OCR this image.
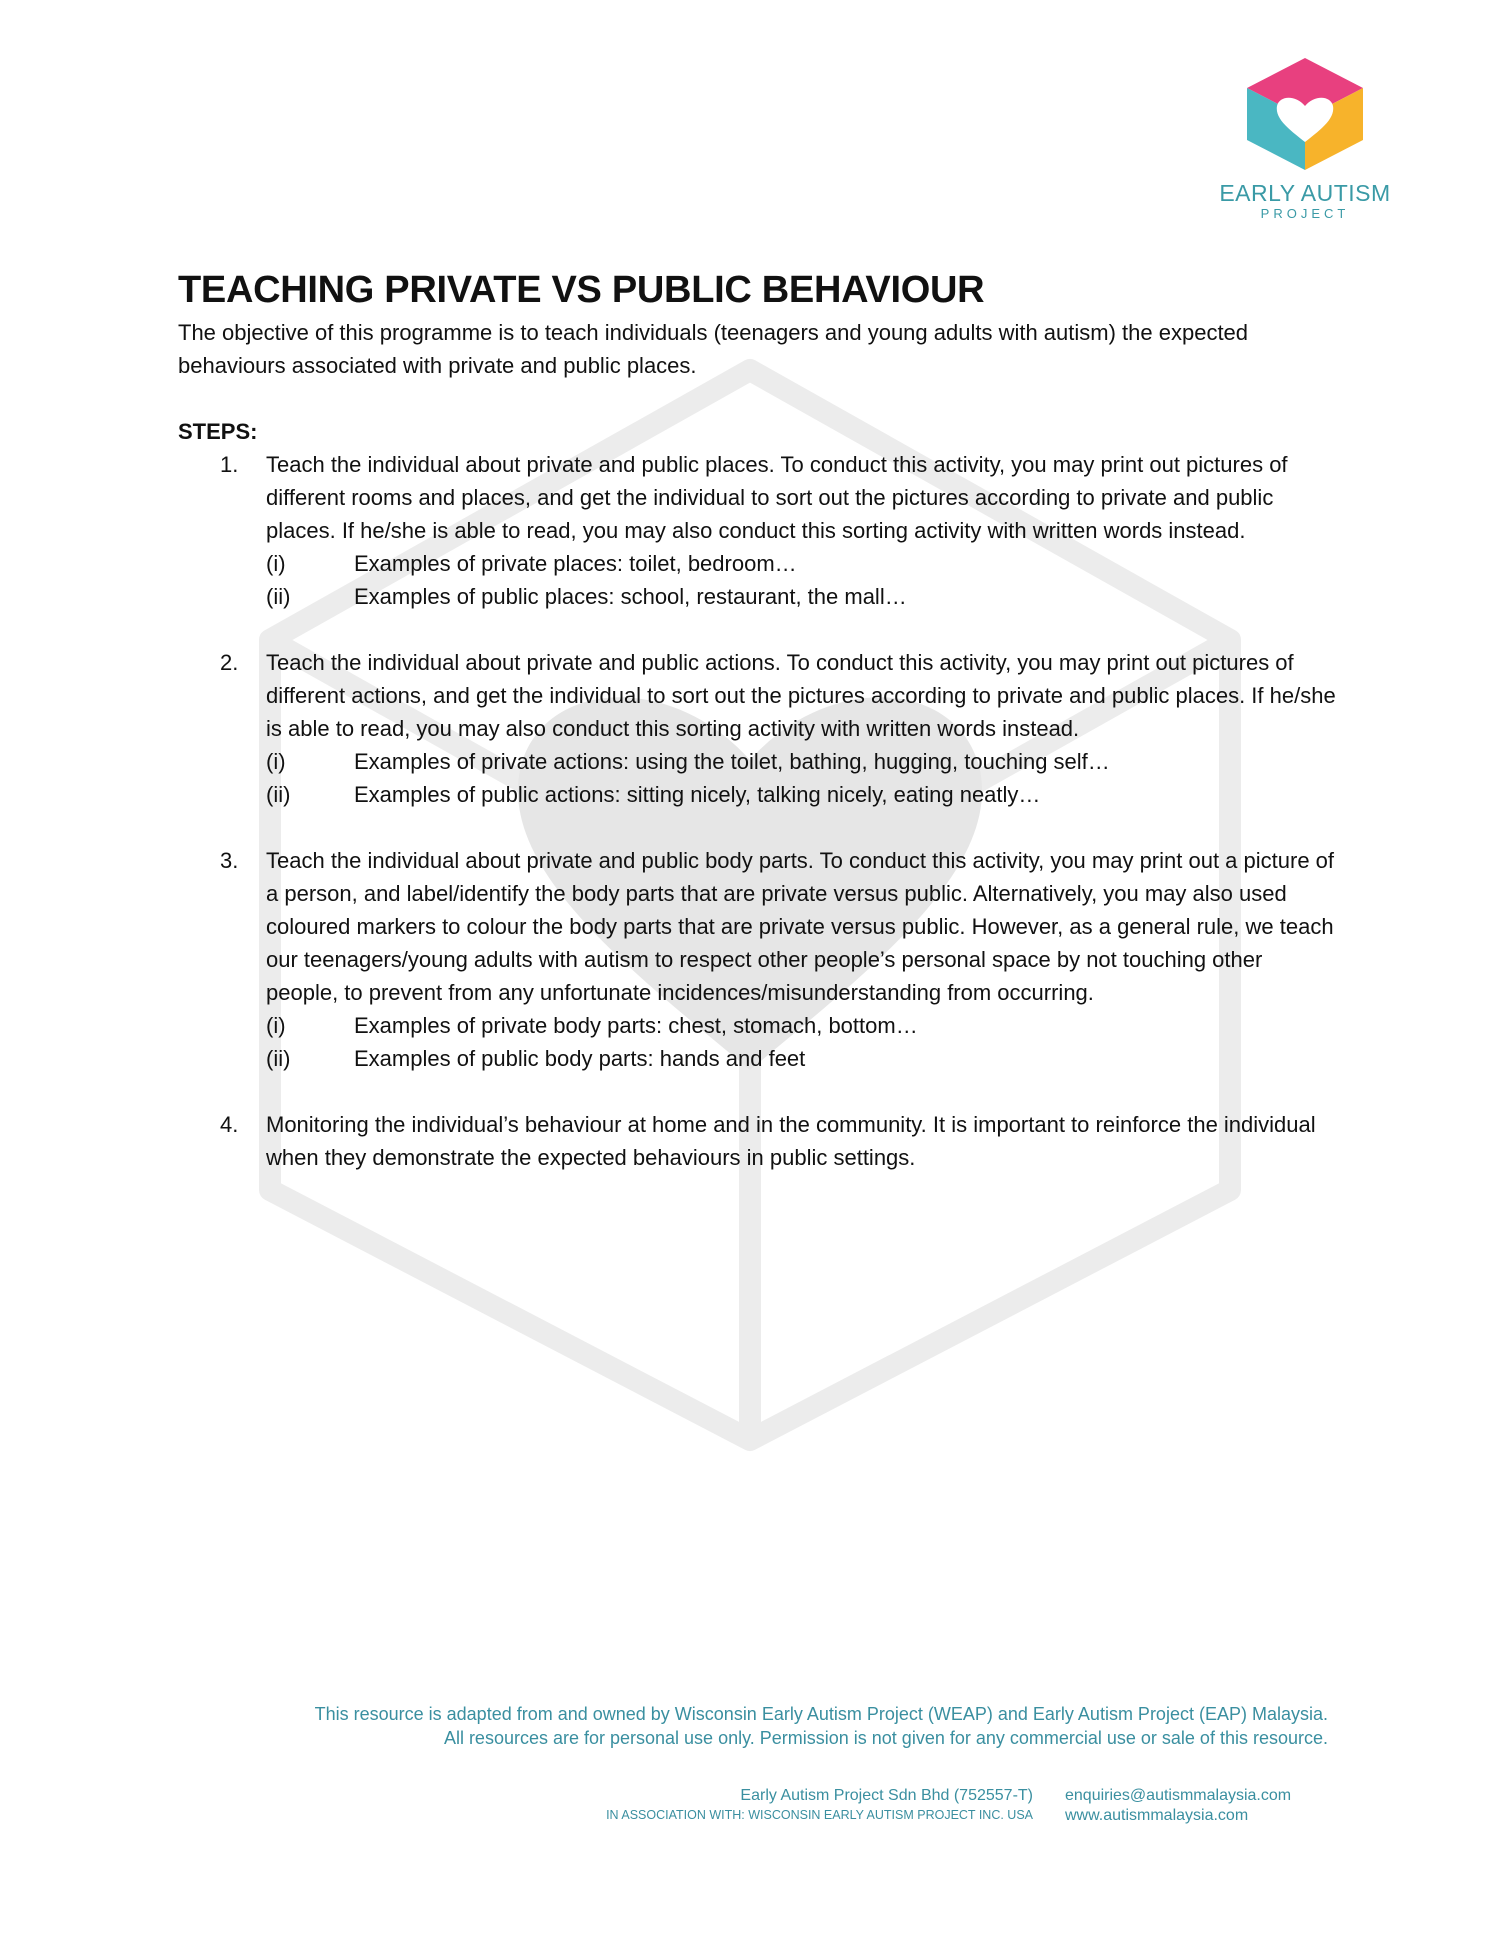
EARLY AUTISM
PROJECT
TEACHING PRIVATE VS PUBLIC BEHAVIOUR

The objective of this programme is to teach individuals (teenagers and young adults with autism) the expected behaviours associated with private and public places.

STEPS:

1. Teach the individual about private and public places. To conduct this activity, you may print out pictures of different rooms and places, and get the individual to sort out the pictures according to private and public places. If he/she is able to read, you may also conduct this sorting activity with written words instead.
(i)	Examples of private places: toilet, bedroom…
(ii)	Examples of public places: school, restaurant, the mall…
2. Teach the individual about private and public actions. To conduct this activity, you may print out pictures of different actions, and get the individual to sort out the pictures according to private and public places. If he/she is able to read, you may also conduct this sorting activity with written words instead.
(i)	Examples of private actions: using the toilet, bathing, hugging, touching self…
(ii)	Examples of public actions: sitting nicely, talking nicely, eating neatly…
3. Teach the individual about private and public body parts. To conduct this activity, you may print out a picture of a person, and label/identify the body parts that are private versus public. Alternatively, you may also used coloured markers to colour the body parts that are private versus public. However, as a general rule, we teach our teenagers/young adults with autism to respect other people’s personal space by not touching other people, to prevent from any unfortunate incidences/misunderstanding from occurring.
(i)	Examples of private body parts: chest, stomach, bottom…
(ii)	Examples of public body parts: hands and feet
4. Monitoring the individual’s behaviour at home and in the community. It is important to reinforce the individual when they demonstrate the expected behaviours in public settings.
This resource is adapted from and owned by Wisconsin Early Autism Project (WEAP) and Early Autism Project (EAP) Malaysia.
All resources are for personal use only. Permission is not given for any commercial use or sale of this resource.
Early Autism Project Sdn Bhd (752557-T)
IN ASSOCIATION WITH: WISCONSIN EARLY AUTISM PROJECT INC. USA
enquiries@autismmalaysia.com
www.autismmalaysia.com
